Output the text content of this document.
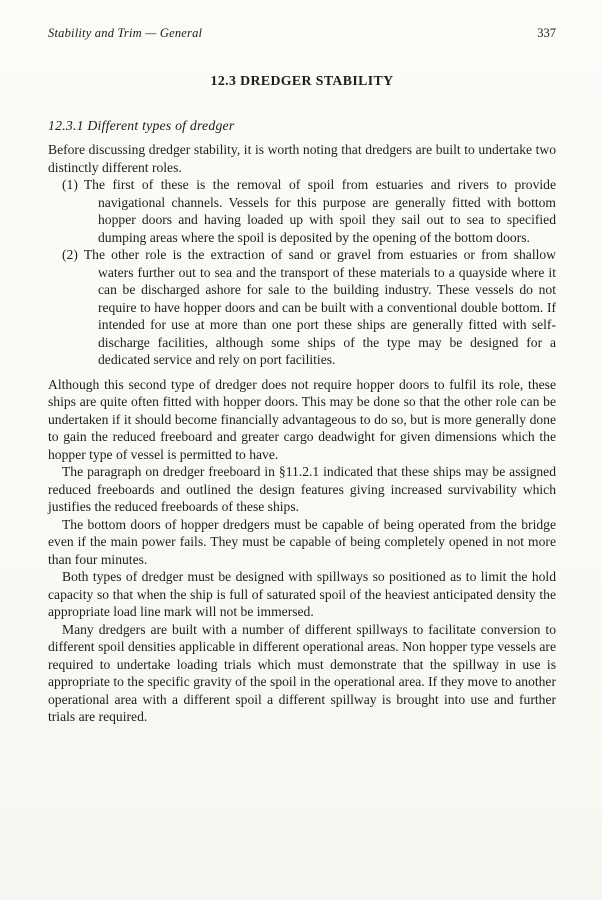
Stability and Trim — General	337
12.3 DREDGER STABILITY
12.3.1 Different types of dredger

Before discussing dredger stability, it is worth noting that dredgers are built to undertake two distinctly different roles.

(1) The first of these is the removal of spoil from estuaries and rivers to provide navigational channels. Vessels for this purpose are generally fitted with bottom hopper doors and having loaded up with spoil they sail out to sea to specified dumping areas where the spoil is deposited by the opening of the bottom doors.
(2) The other role is the extraction of sand or gravel from estuaries or from shallow waters further out to sea and the transport of these materials to a quayside where it can be discharged ashore for sale to the building industry. These vessels do not require to have hopper doors and can be built with a conventional double bottom. If intended for use at more than one port these ships are generally fitted with self-discharge facilities, although some ships of the type may be designed for a dedicated service and rely on port facilities.

Although this second type of dredger does not require hopper doors to fulfil its role, these ships are quite often fitted with hopper doors. This may be done so that the other role can be undertaken if it should become financially advantageous to do so, but is more generally done to gain the reduced freeboard and greater cargo deadwight for given dimensions which the hopper type of vessel is permitted to have.

The paragraph on dredger freeboard in §11.2.1 indicated that these ships may be assigned reduced freeboards and outlined the design features giving increased survivability which justifies the reduced freeboards of these ships.

The bottom doors of hopper dredgers must be capable of being operated from the bridge even if the main power fails. They must be capable of being completely opened in not more than four minutes.

Both types of dredger must be designed with spillways so positioned as to limit the hold capacity so that when the ship is full of saturated spoil of the heaviest anticipated density the appropriate load line mark will not be immersed.

Many dredgers are built with a number of different spillways to facilitate conversion to different spoil densities applicable in different operational areas. Non hopper type vessels are required to undertake loading trials which must demonstrate that the spillway in use is appropriate to the specific gravity of the spoil in the operational area. If they move to another operational area with a different spoil a different spillway is brought into use and further trials are required.
